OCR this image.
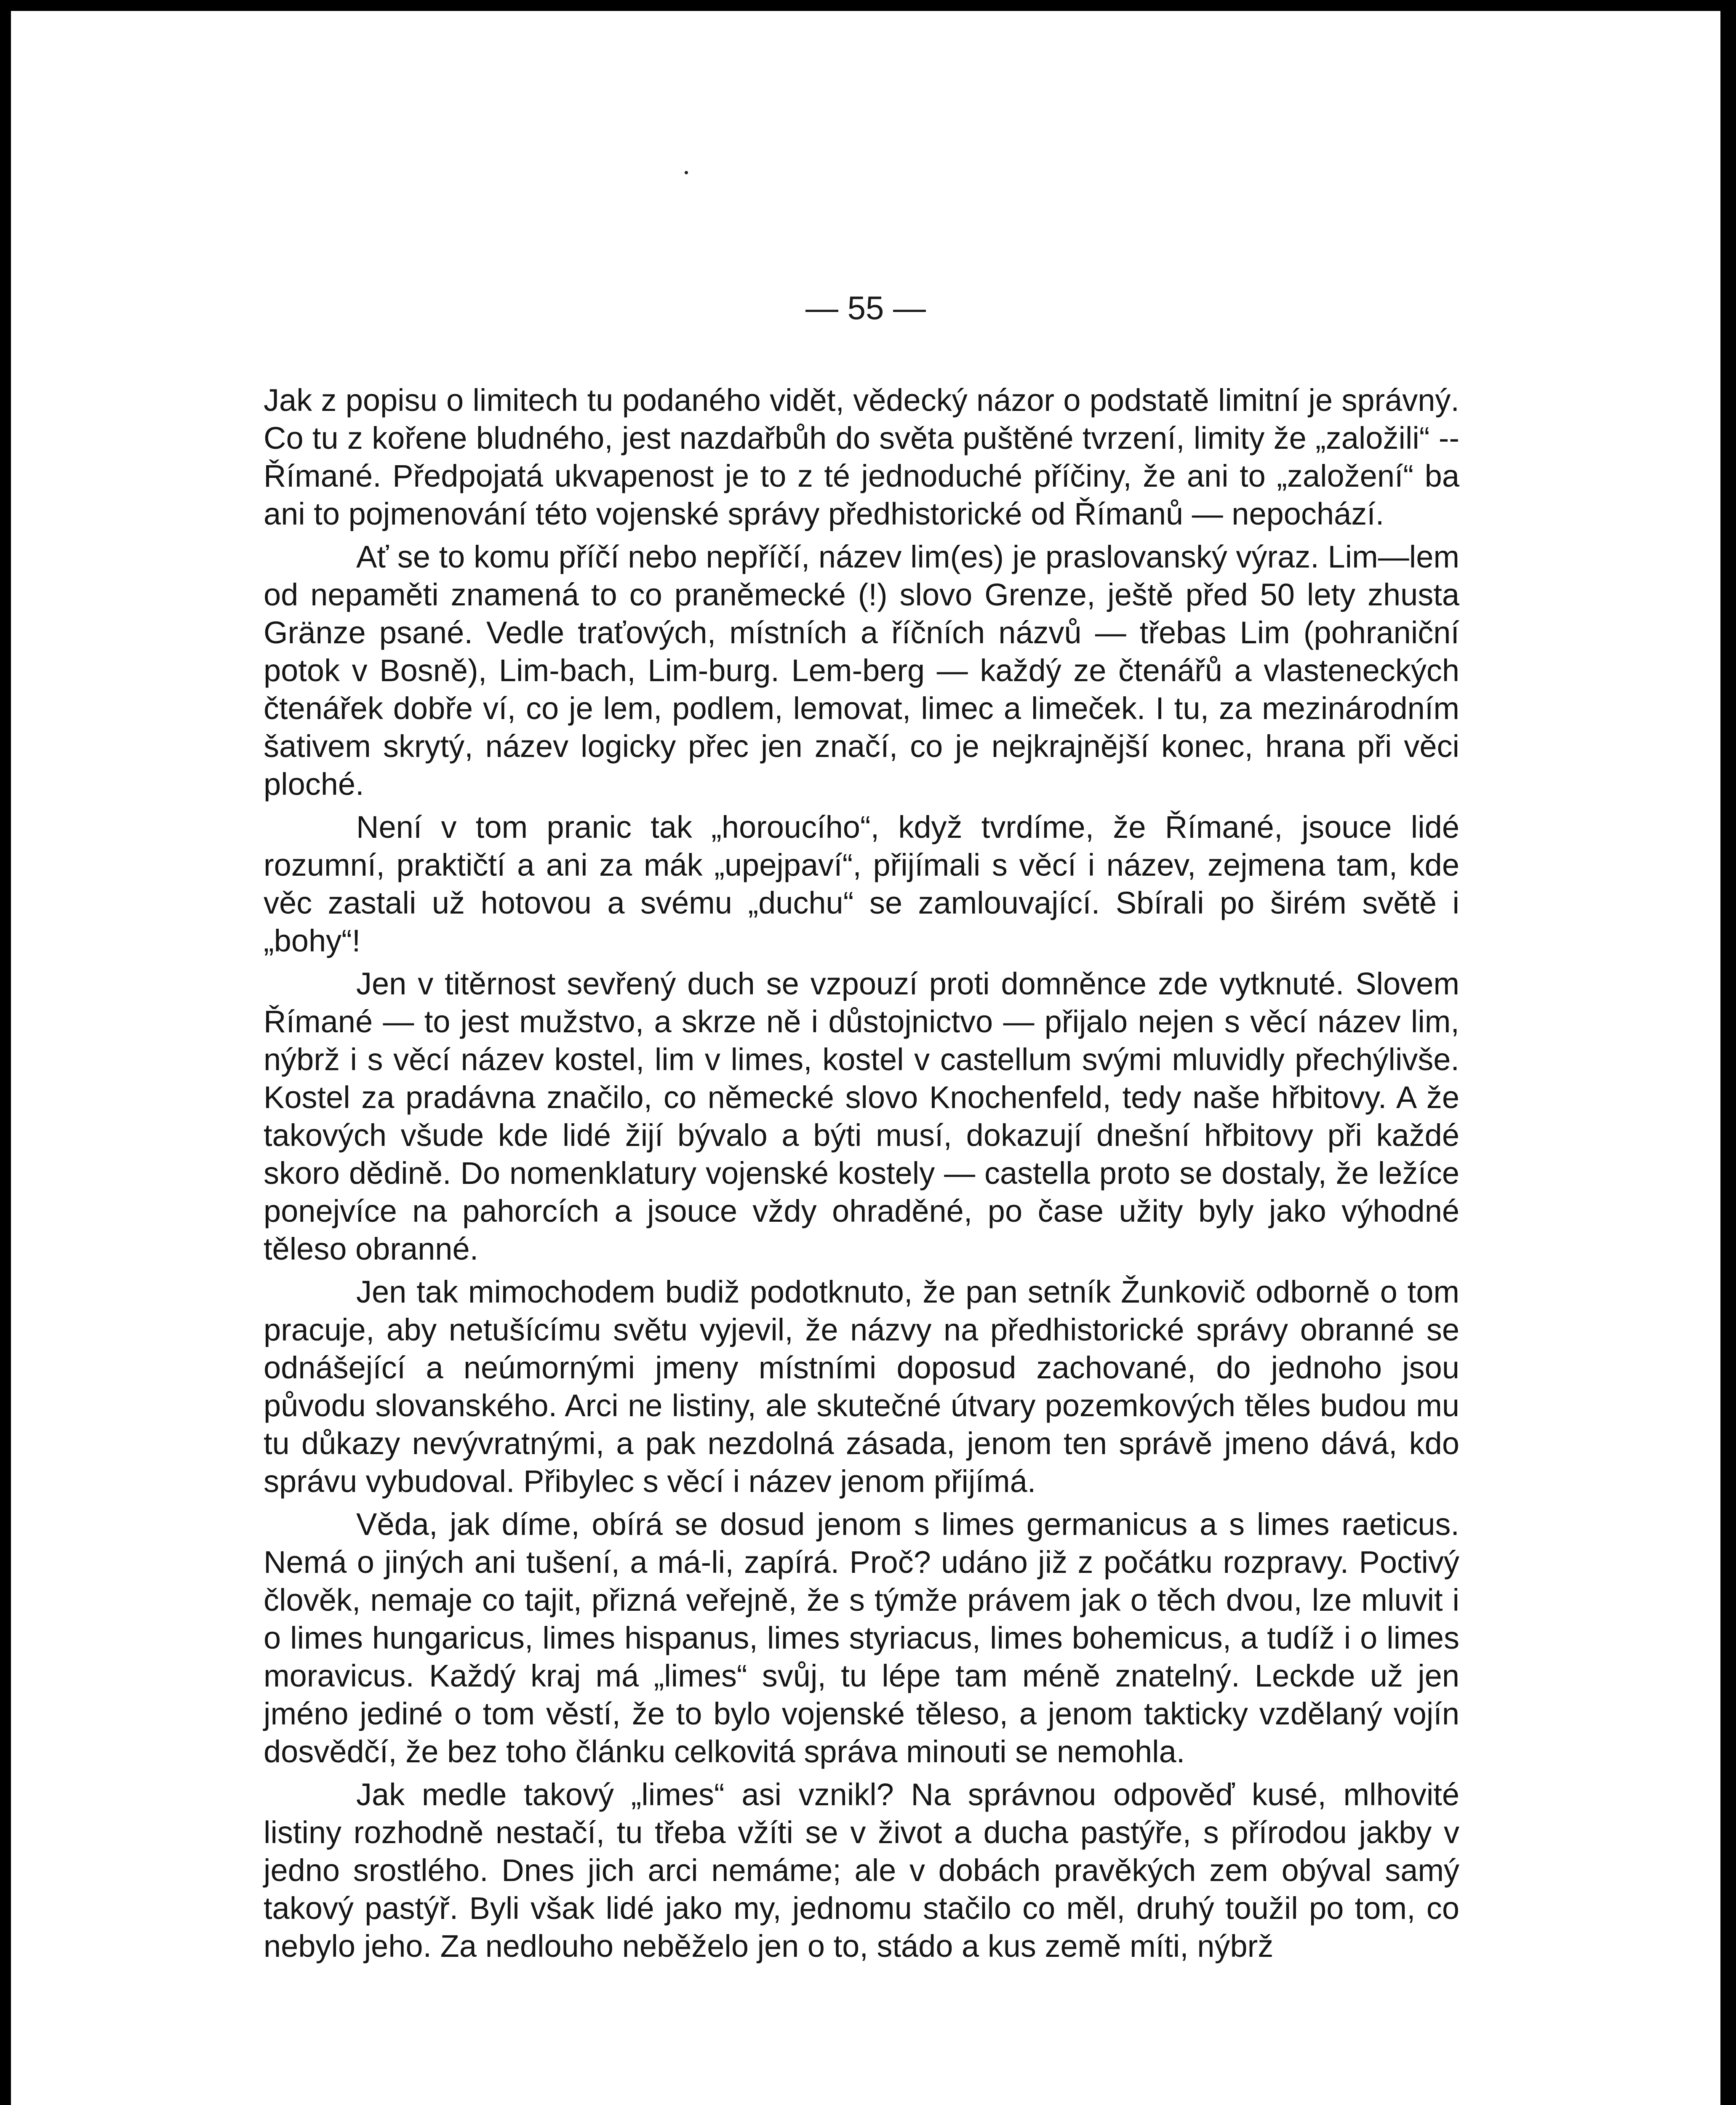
— 55 —

Jak z popisu o limitech tu podaného vidět, vědecký názor o podstatě limitní je správný. Co tu z kořene bludného, jest nazdařbůh do světa puštěné tvrzení, limity že „založili“ -- Římané. Předpojatá ukvapenost je to z té jednoduché příčiny, že ani to „založení“ ba ani to pojmenování této vojenské správy předhistorické od Římanů — nepochází.

Ať se to komu příčí nebo nepříčí, název lim(es) je praslovanský výraz. Lim—lem od nepaměti znamená to co praněmecké (!) slovo Grenze, ještě před 50 lety zhusta Gränze psané. Vedle traťových, místních a říčních názvů — třebas Lim (pohraniční potok v Bosně), Lim-bach, Lim-burg. Lem-berg — každý ze čtenářů a vlasteneckých čtenářek dobře ví, co je lem, podlem, lemovat, limec a limeček. I tu, za mezinárodním šativem skrytý, název logicky přec jen značí, co je nejkrajnější konec, hrana při věci ploché.

Není v tom pranic tak „horoucího“, když tvrdíme, že Římané, jsouce lidé rozumní, praktičtí a ani za mák „upejpaví“, přijímali s věcí i název, zejmena tam, kde věc zastali už hotovou a svému „duchu“ se zamlouvající. Sbírali po širém světě i „bohy“!

Jen v titěrnost sevřený duch se vzpouzí proti domněnce zde vytknuté. Slovem Římané — to jest mužstvo, a skrze ně i důstojnictvo — přijalo nejen s věcí název lim, nýbrž i s věcí název kostel, lim v limes, kostel v castellum svými mluvidly přechýlivše. Kostel za pradávna značilo, co německé slovo Knochenfeld, tedy naše hřbitovy. A že takových všude kde lidé žijí bývalo a býti musí, dokazují dnešní hřbitovy při každé skoro dědině. Do nomenklatury vojenské kostely — castella proto se dostaly, že ležíce ponejvíce na pahorcích a jsouce vždy ohraděné, po čase užity byly jako výhodné těleso obranné.

Jen tak mimochodem budiž podotknuto, že pan setník Žunkovič odborně o tom pracuje, aby netušícímu světu vyjevil, že názvy na předhistorické správy obranné se odnášející a neúmornými jmeny místními doposud zachované, do jednoho jsou původu slovanského. Arci ne listiny, ale skutečné útvary pozemkových těles budou mu tu důkazy nevývratnými, a pak nezdolná zásada, jenom ten správě jmeno dává, kdo správu vybudoval. Přibylec s věcí i název jenom přijímá.

Věda, jak díme, obírá se dosud jenom s limes germanicus a s limes raeticus. Nemá o jiných ani tušení, a má-li, zapírá. Proč? udáno již z počátku rozpravy. Poctivý člověk, nemaje co tajit, přizná veřejně, že s týmže právem jak o těch dvou, lze mluvit i o limes hungaricus, limes hispanus, limes styriacus, limes bohemicus, a tudíž i o limes moravicus. Každý kraj má „limes“ svůj, tu lépe tam méně znatelný. Leckde už jen jméno jediné o tom věstí, že to bylo vojenské těleso, a jenom takticky vzdělaný vojín dosvědčí, že bez toho článku celkovitá správa minouti se nemohla.

Jak medle takový „limes“ asi vznikl? Na správnou odpověď kusé, mlhovité listiny rozhodně nestačí, tu třeba vžíti se v život a ducha pastýře, s přírodou jakby v jedno srostlého. Dnes jich arci nemáme; ale v dobách pravěkých zem obýval samý takový pastýř. Byli však lidé jako my, jednomu stačilo co měl, druhý toužil po tom, co nebylo jeho. Za nedlouho neběželo jen o to, stádo a kus země míti, nýbrž
